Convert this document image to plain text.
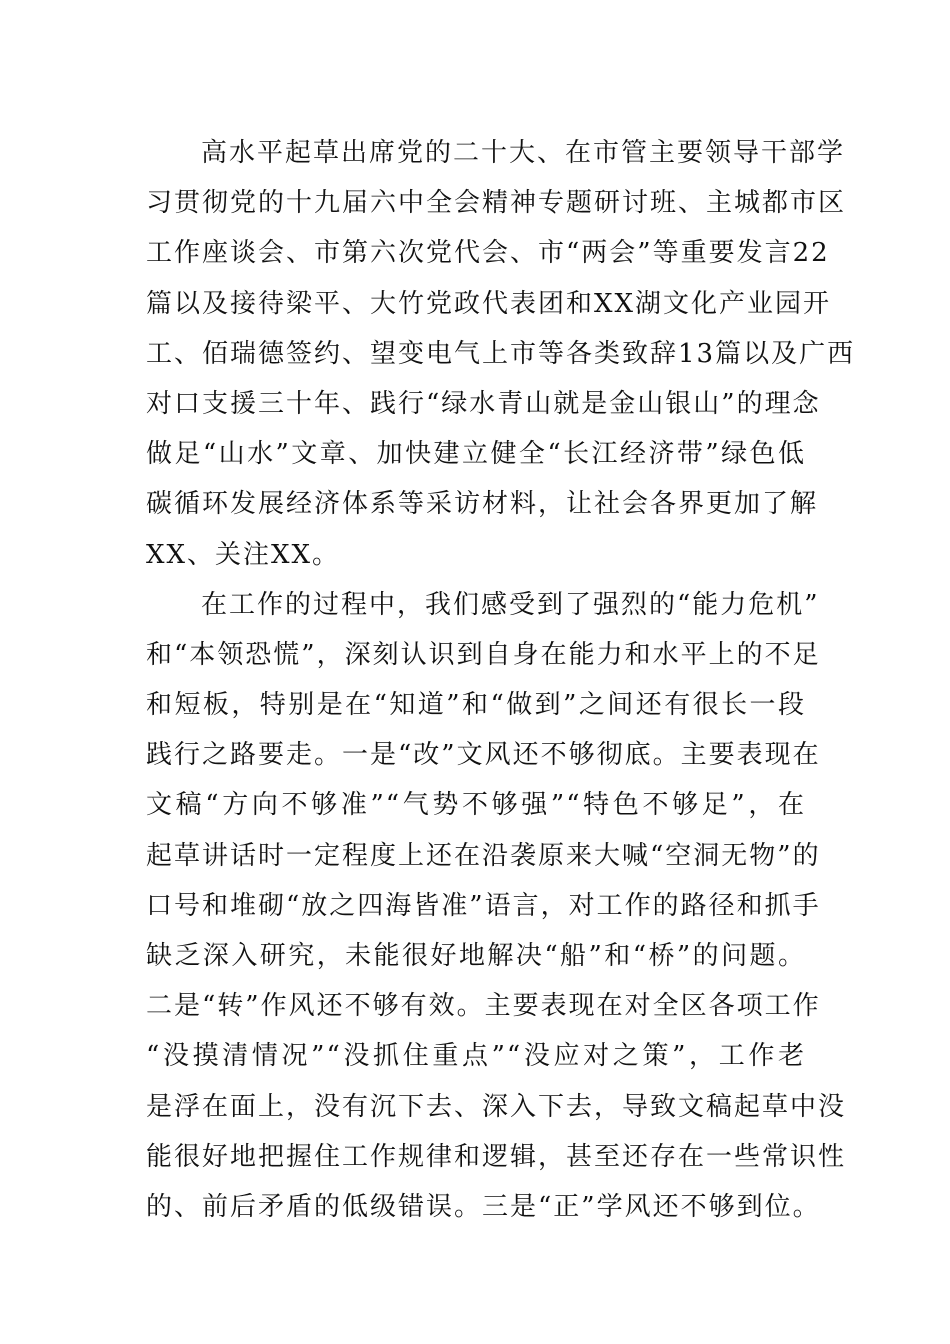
高水平起草出席党的二十大、在市管主要领导干部学
习贯彻党的十九届六中全会精神专题研讨班、主城都市区
工作座谈会、市第六次党代会、市“两会”等重要发言22
篇以及接待梁平、大竹党政代表团和XX湖文化产业园开
工、佰瑞德签约、望变电气上市等各类致辞13篇以及广西
对口支援三十年、践行“绿水青山就是金山银山”的理念
做足“山水”文章、加快建立健全“长江经济带”绿色低
碳循环发展经济体系等采访材料，让社会各界更加了解
XX、关注XX。
在工作的过程中，我们感受到了强烈的“能力危机”
和“本领恐慌”，深刻认识到自身在能力和水平上的不足
和短板，特别是在“知道”和“做到”之间还有很长一段
践行之路要走。一是“改”文风还不够彻底。主要表现在
文稿“方向不够准”“气势不够强”“特色不够足”，在
起草讲话时一定程度上还在沿袭原来大喊“空洞无物”的
口号和堆砌“放之四海皆准”语言，对工作的路径和抓手
缺乏深入研究，未能很好地解决“船”和“桥”的问题。
二是“转”作风还不够有效。主要表现在对全区各项工作
“没摸清情况”“没抓住重点”“没应对之策”，工作老
是浮在面上，没有沉下去、深入下去，导致文稿起草中没
能很好地把握住工作规律和逻辑，甚至还存在一些常识性
的、前后矛盾的低级错误。三是“正”学风还不够到位。
